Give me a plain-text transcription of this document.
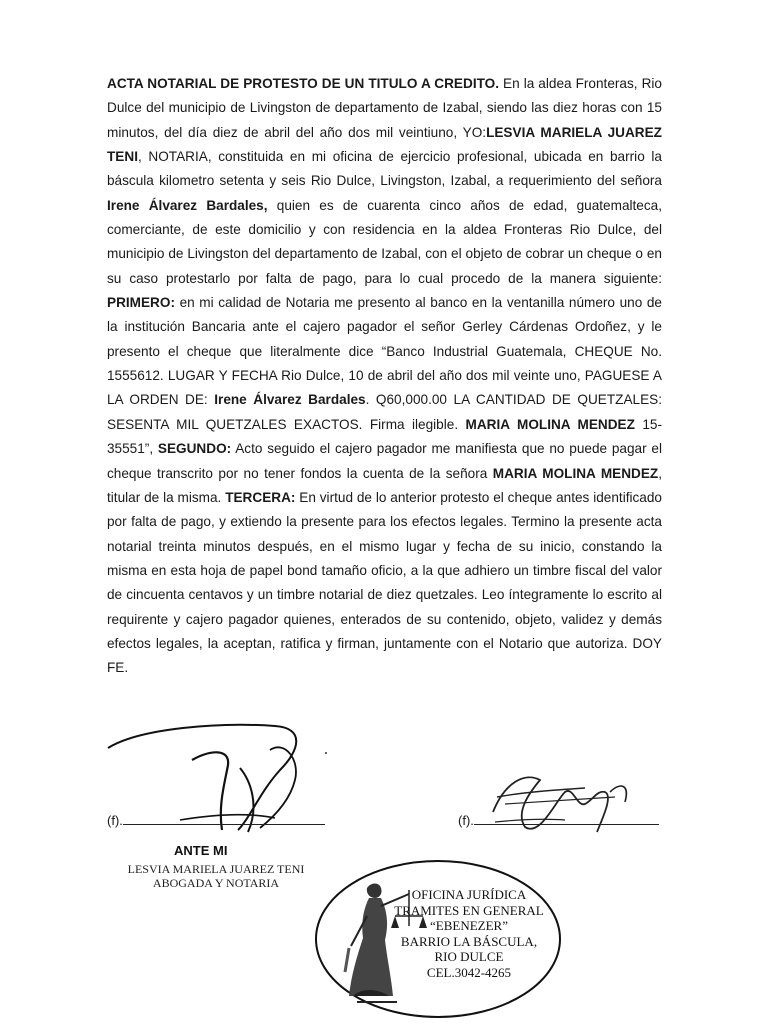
ACTA NOTARIAL DE PROTESTO DE UN TITULO A CREDITO. En la aldea Fronteras, Rio Dulce del municipio de Livingston de departamento de Izabal, siendo las diez horas con 15 minutos, del día diez de abril del año dos mil veintiuno, YO:LESVIA MARIELA JUAREZ TENI, NOTARIA, constituida en mi oficina de ejercicio profesional, ubicada en barrio la báscula kilometro setenta y seis Rio Dulce, Livingston, Izabal, a requerimiento del señora Irene Álvarez Bardales, quien es de cuarenta cinco años de edad, guatemalteca, comerciante, de este domicilio y con residencia en la aldea Fronteras Rio Dulce, del municipio de Livingston del departamento de Izabal, con el objeto de cobrar un cheque o en su caso protestarlo por falta de pago, para lo cual procedo de la manera siguiente: PRIMERO: en mi calidad de Notaria me presento al banco en la ventanilla número uno de la institución Bancaria ante el cajero pagador el señor Gerley Cárdenas Ordoñez, y le presento el cheque que literalmente dice “Banco Industrial Guatemala, CHEQUE No. 1555612. LUGAR Y FECHA Rio Dulce, 10 de abril del año dos mil veinte uno, PAGUESE A LA ORDEN DE: Irene Álvarez Bardales. Q60,000.00 LA CANTIDAD DE QUETZALES: SESENTA MIL QUETZALES EXACTOS. Firma ilegible. MARIA MOLINA MENDEZ 15-35551”, SEGUNDO: Acto seguido el cajero pagador me manifiesta que no puede pagar el cheque transcrito por no tener fondos la cuenta de la señora MARIA MOLINA MENDEZ, titular de la misma. TERCERA: En virtud de lo anterior protesto el cheque antes identificado por falta de pago, y extiendo la presente para los efectos legales. Termino la presente acta notarial treinta minutos después, en el mismo lugar y fecha de su inicio, constando la misma en esta hoja de papel bond tamaño oficio, a la que adhiero un timbre fiscal del valor de cincuenta centavos y un timbre notarial de diez quetzales. Leo íntegramente lo escrito al requirente y cajero pagador quienes, enterados de su contenido, objeto, validez y demás efectos legales, la aceptan, ratifica y firman, juntamente con el Notario que autoriza. DOY FE.
(f).	(f).
ANTE MI
LESVIA MARIELA JUAREZ TENI
ABOGADA Y NOTARIA
OFICINA JURÍDICA
TRAMITES EN GENERAL
“EBENEZER”
BARRIO LA BÁSCULA,
RIO DULCE
CEL.3042-4265
